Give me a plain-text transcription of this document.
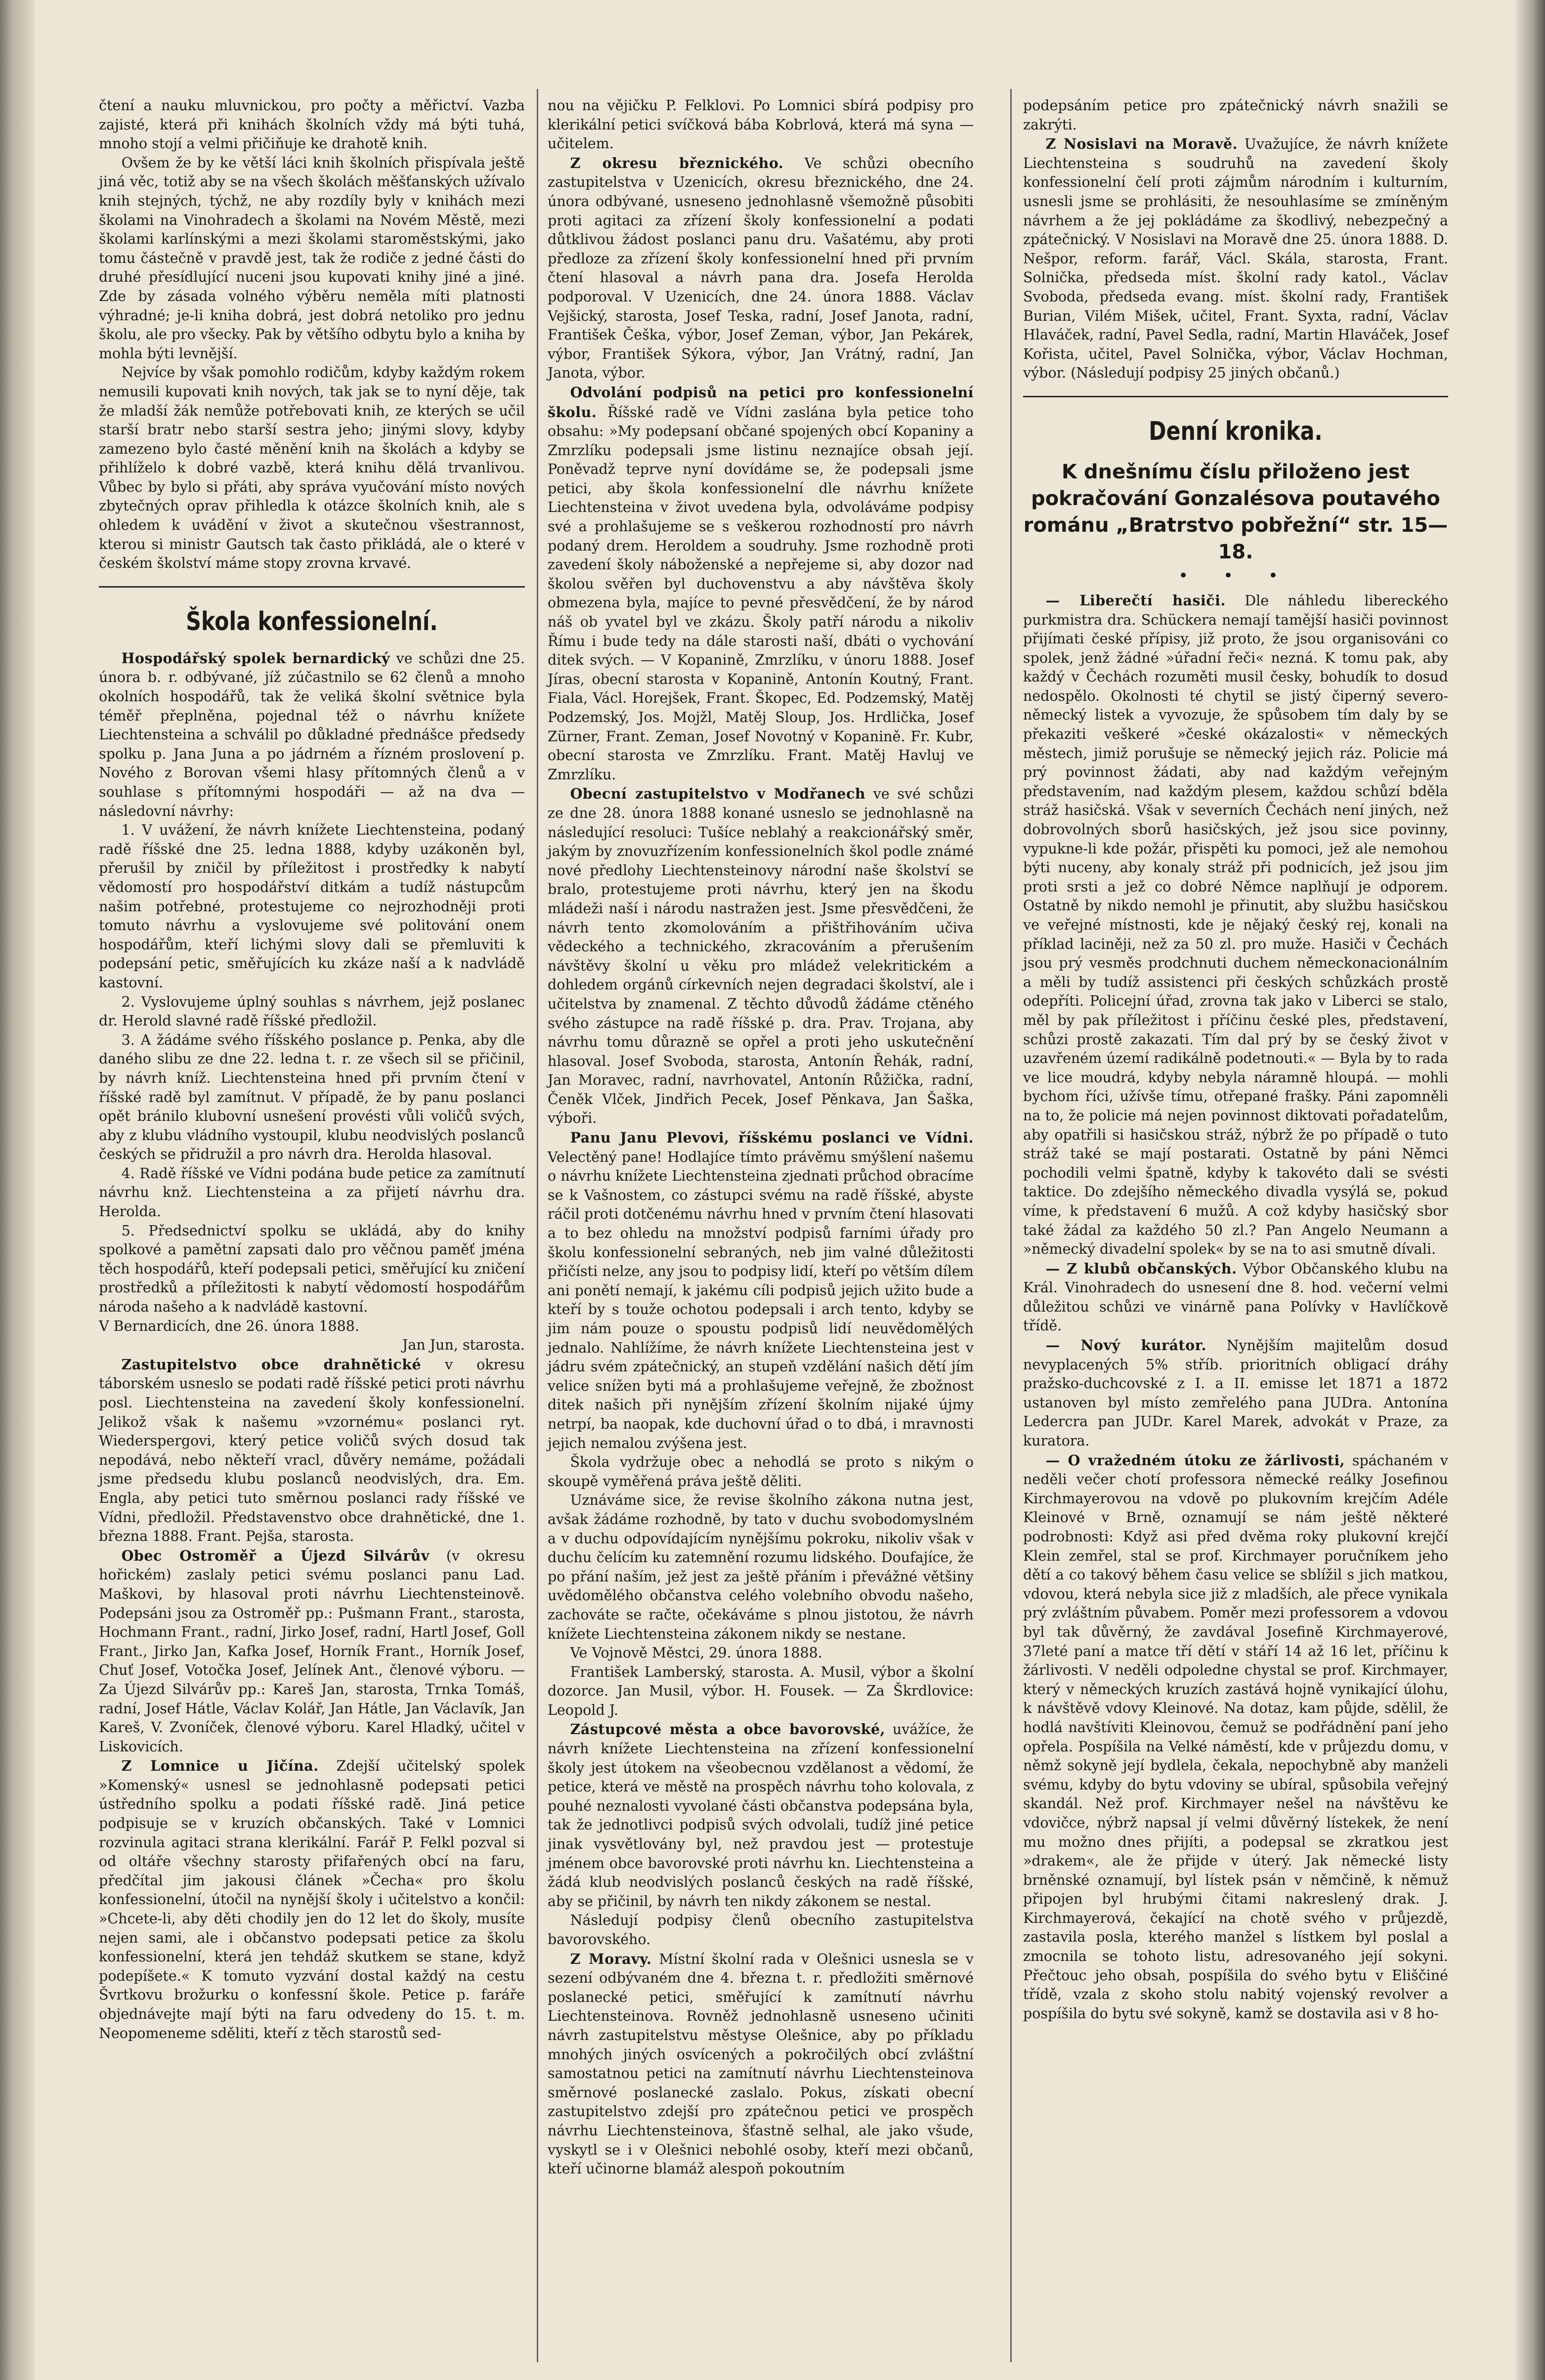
čtení a nauku mluvnickou, pro počty a měřictví. Vazba zajisté, která při knihách školních vždy má býti tuhá, mnoho stojí a velmi přičiňuje ke drahotě knih.

Ovšem že by ke větší láci knih školních přispívala ještě jiná věc, totiž aby se na všech školách měšťanských užívalo knih stejných, týchž, ne aby rozdíly byly v knihách mezi školami na Vinohradech a školami na Novém Městě, mezi školami karlínskými a mezi školami staroměstskými, jako tomu částečně v pravdě jest, tak že rodiče z jedné části do druhé přesídlující nuceni jsou kupovati knihy jiné a jiné. Zde by zásada volného výběru neměla míti platnosti výhradné; je-li kniha dobrá, jest dobrá netoliko pro jednu školu, ale pro všecky. Pak by většího odbytu bylo a kniha by mohla býti levnější.

Nejvíce by však pomohlo rodičům, kdyby každým rokem nemusili kupovati knih nových, tak jak se to nyní děje, tak že mladší žák nemůže potřebovati knih, ze kterých se učil starší bratr nebo starší sestra jeho; jinými slovy, kdyby zamezeno bylo časté měnění knih na školách a kdyby se přihlíželo k dobré vazbě, která knihu dělá trvanlivou. Vůbec by bylo si přáti, aby správa vyučování místo nových zbytečných oprav přihledla k otázce školních knih, ale s ohledem k uvádění v život a skutečnou všestrannost, kterou si ministr Gautsch tak často přikládá, ale o které v českém školství máme stopy zrovna krvavé.

Škola konfessionelní.

Hospodářský spolek bernardický ve schůzi dne 25. února b. r. odbývané, jíž zúčastnilo se 62 členů a mnoho okolních hospodářů, tak že veliká školní světnice byla téměř přeplněna, pojednal též o návrhu knížete Liechtensteina a schválil po důkladné přednášce předsedy spolku p. Jana Juna a po jádrném a řízném proslovení p. Nového z Borovan všemi hlasy přítomných členů a v souhlase s přítomnými hospodáři — až na dva — následovní návrhy:

1. V uvážení, že návrh knížete Liechtensteina, podaný radě říšské dne 25. ledna 1888, kdyby uzákoněn byl, přerušil by zničil by příležitost i prostředky k nabytí vědomostí pro hospodářství ditkám a tudíž nástupcům našim potřebné, protestujeme co nejrozhodněji proti tomuto návrhu a vyslovujeme své politování onem hospodářům, kteří lichými slovy dali se přemluviti k podepsání petic, směřujících ku zkáze naší a k nadvládě kastovní.

2. Vyslovujeme úplný souhlas s návrhem, jejž poslanec dr. Herold slavné radě říšské předložil.

3. A žádáme svého říšského poslance p. Penka, aby dle daného slibu ze dne 22. ledna t. r. ze všech sil se přičinil, by návrh kníž. Liechtensteina hned při prvním čtení v říšské radě byl zamítnut. V případě, že by panu poslanci opět bránilo klubovní usnešení provésti vůli voličů svých, aby z klubu vládního vystoupil, klubu neodvislých poslanců českých se přidružil a pro návrh dra. Herolda hlasoval.

4. Radě říšské ve Vídni podána bude petice za zamítnutí návrhu knž. Liechtensteina a za přijetí návrhu dra. Herolda.

5. Předsednictví spolku se ukládá, aby do knihy spolkové a pamětní zapsati dalo pro věčnou paměť jména těch hospodářů, kteří podepsali petici, směřující ku zničení prostředků a příležitosti k nabytí vědomostí hospodářům národa našeho a k nadvládě kastovní.

V Bernardicích, dne 26. února 1888.

Jan Jun, starosta.

Zastupitelstvo obce drahnětické v okresu táborském usneslo se podati radě říšské petici proti návrhu posl. Liechtensteina na zavedení školy konfessionelní. Jelikož však k našemu »vzornému« poslanci ryt. Wiederspergovi, který petice voličů svých dosud tak nepodává, nebo někteří vracl, důvěry nemáme, požádali jsme předsedu klubu poslanců neodvislých, dra. Em. Engla, aby petici tuto směrnou poslanci rady říšské ve Vídni, předložil. Představenstvo obce drahnětické, dne 1. března 1888. Frant. Pejša, starosta.

Obec Ostroměř a Újezd Silvárův (v okresu hořickém) zaslaly petici svému poslanci panu Lad. Maškovi, by hlasoval proti návrhu Liechtensteinově. Podepsáni jsou za Ostroměř pp.: Pušmann Frant., starosta, Hochmann Frant., radní, Jirko Josef, radní, Hartl Josef, Goll Frant., Jirko Jan, Kafka Josef, Horník Frant., Horník Josef, Chuť Josef, Votočka Josef, Jelínek Ant., členové výboru. — Za Újezd Silvárův pp.: Kareš Jan, starosta, Trnka Tomáš, radní, Josef Hátle, Václav Kolář, Jan Hátle, Jan Václavík, Jan Kareš, V. Zvoníček, členové výboru. Karel Hladký, učitel v Liskovicích.

Z Lomnice u Jičína. Zdejší učitelský spolek »Komenský« usnesl se jednohlasně podepsati petici ústředního spolku a podati říšské radě. Jiná petice podpisuje se v kruzích občanských. Také v Lomnici rozvinula agitaci strana klerikální. Farář P. Felkl pozval si od oltáře všechny starosty přifařených obcí na faru, předčítal jim jakousi článek »Čecha« pro školu konfessionelní, útočil na nynější školy i učitelstvo a končil: »Chcete-li, aby děti chodily jen do 12 let do školy, musíte nejen sami, ale i občanstvo podepsati petice za školu konfessionelní, která jen tehdáž skutkem se stane, když podepíšete.« K tomuto vyzvání dostal každý na cestu Švrtkovu brožurku o konfessní škole. Petice p. faráře objednávejte mají býti na faru odvedeny do 15. t. m. Neopomeneme sděliti, kteří z těch starostů sed-

nou na vějičku P. Felklovi. Po Lomnici sbírá podpisy pro klerikální petici svíčková bába Kobrlová, která má syna — učitelem.

Z okresu březnického. Ve schůzi obecního zastupitelstva v Uzenicích, okresu březnického, dne 24. února odbývané, usneseno jednohlasně všemožně působiti proti agitaci za zřízení školy konfessionelní a podati důtklivou žádost poslanci panu dru. Vašatému, aby proti předloze za zřízení školy konfessionelní hned při prvním čtení hlasoval a návrh pana dra. Josefa Herolda podporoval. V Uzenicích, dne 24. února 1888. Václav Vejšický, starosta, Josef Teska, radní, Josef Janota, radní, František Češka, výbor, Josef Zeman, výbor, Jan Pekárek, výbor, František Sýkora, výbor, Jan Vrátný, radní, Jan Janota, výbor.

Odvolání podpisů na petici pro konfessionelní školu. Říšské radě ve Vídni zaslána byla petice toho obsahu: »My podepsaní občané spojených obcí Kopaniny a Zmrzlíku podepsali jsme listinu neznajíce obsah její. Poněvadž teprve nyní dovídáme se, že podepsali jsme petici, aby škola konfessionelní dle návrhu knížete Liechtensteina v život uvedena byla, odvoláváme podpisy své a prohlašujeme se s veškerou rozhodností pro návrh podaný drem. Heroldem a soudruhy. Jsme rozhodně proti zavedení školy náboženské a nepřejeme si, aby dozor nad školou svěřen byl duchovenstvu a aby návštěva školy obmezena byla, majíce to pevné přesvědčení, že by národ náš ob yvatel byl ve zkázu. Školy patří národu a nikoliv Římu i bude tedy na dále starosti naší, dbáti o vychování ditek svých. — V Kopanině, Zmrzlíku, v únoru 1888. Josef Jíras, obecní starosta v Kopanině, Antonín Koutný, Frant. Fiala, Václ. Horejšek, Frant. Škopec, Ed. Podzemský, Matěj Podzemský, Jos. Mojžl, Matěj Sloup, Jos. Hrdlička, Josef Zürner, Frant. Zeman, Josef Novotný v Kopanině. Fr. Kubr, obecní starosta ve Zmrzlíku. Frant. Matěj Havluj ve Zmrzlíku.

Obecní zastupitelstvo v Modřanech ve své schůzi ze dne 28. února 1888 konané usneslo se jednohlasně na následující resoluci: Tušíce neblahý a reakcionářský směr, jakým by znovuzřízením konfessionelních škol podle známé nové předlohy Liechtensteinovy národní naše školství se bralo, protestujeme proti návrhu, který jen na škodu mládeži naší i národu nastražen jest. Jsme přesvědčeni, že návrh tento zkomolováním a přištřihováním učiva vědeckého a technického, zkracováním a přerušením návštěvy školní u věku pro mládež velekritickém a dohledem orgánů církevních nejen degradaci školství, ale i učitelstva by znamenal. Z těchto důvodů žádáme ctěného svého zástupce na radě říšské p. dra. Prav. Trojana, aby návrhu tomu důrazně se opřel a proti jeho uskutečnění hlasoval. Josef Svoboda, starosta, Antonín Řehák, radní, Jan Moravec, radní, navrhovatel, Antonín Růžička, radní, Čeněk Vlček, Jindřich Pecek, Josef Pěnkava, Jan Šaška, výboři.

Panu Janu Plevovi, říšskému poslanci ve Vídni. Velectěný pane! Hodlajíce tímto právěmu smýšlení našemu o návrhu knížete Liechtensteina zjednati průchod obracíme se k Vašnostem, co zástupci svému na radě říšské, abyste ráčil proti dotčenému návrhu hned v prvním čtení hlasovati a to bez ohledu na množství podpisů farními úřady pro školu konfessionelní sebraných, neb jim valné důležitosti přičísti nelze, any jsou to podpisy lidí, kteří po větším dílem ani ponětí nemají, k jakému cíli podpisů jejich užito bude a kteří by s touže ochotou podepsali i arch tento, kdyby se jim nám pouze o spoustu podpisů lidí neuvědomělých jednalo. Nahlížíme, že návrh knížete Liechtensteina jest v jádru svém zpátečnický, an stupeň vzdělání našich dětí jím velice snížen byti má a prohlašujeme veřejně, že zbožnost ditek našich při nynějším zřízení školním nijaké újmy netrpí, ba naopak, kde duchovní úřad o to dbá, i mravnosti jejich nemalou zvýšena jest.

Škola vydržuje obec a nehodlá se proto s nikým o skoupě vyměřená práva ještě děliti.

Uznáváme sice, že revise školního zákona nutna jest, avšak žádáme rozhodně, by tato v duchu svobodomyslném a v duchu odpovídajícím nynějšímu pokroku, nikoliv však v duchu čelícím ku zatemnění rozumu lidského. Doufajíce, že po přání naším, jež jest za ještě přáním i převážné většiny uvědomělého občanstva celého volebního obvodu našeho, zachováte se račte, očekáváme s plnou jistotou, že návrh knížete Liechtensteina zákonem nikdy se nestane.

Ve Vojnově Městci, 29. února 1888.

František Lamberský, starosta. A. Musil, výbor a školní dozorce. Jan Musil, výbor. H. Fousek. — Za Škrdlovice: Leopold J.

Zástupcové města a obce bavorovské, uvážíce, že návrh knížete Liechtensteina na zřízení konfessionelní školy jest útokem na všeobecnou vzdělanost a vědomí, že petice, která ve městě na prospěch návrhu toho kolovala, z pouhé neznalosti vyvolané části občanstva podepsána byla, tak že jednotlivci podpisů svých odvolali, tudíž jiné petice jinak vysvětlovány byl, než pravdou jest — protestuje jménem obce bavorovské proti návrhu kn. Liechtensteina a žádá klub neodvislých poslanců českých na radě říšské, aby se přičinil, by návrh ten nikdy zákonem se nestal.

Následují podpisy členů obecního zastupitelstva bavorovského.

Z Moravy. Místní školní rada v Olešnici usnesla se v sezení odbývaném dne 4. března t. r. předložiti směrnové poslanecké petici, směřující k zamítnutí návrhu Liechtensteinova. Rovněž jednohlasně usneseno učiniti návrh zastupitelstvu městyse Olešnice, aby po příkladu mnohých jiných osvícených a pokročilých obcí zvláštní samostatnou petici na zamítnutí návrhu Liechtensteinova směrnové poslanecké zaslalo. Pokus, získati obecní zastupitelstvo zdejší pro zpátečnou petici ve prospěch návrhu Liechtensteinova, šťastně selhal, ale jako všude, vyskytl se i v Olešnici nebohlé osoby, kteří mezi občanů, kteří učinorne blamáž alespoň pokoutním

podepsáním petice pro zpátečnický návrh snažili se zakrýti.

Z Nosislavi na Moravě. Uvažujíce, že návrh knížete Liechtensteina s soudruhů na zavedení školy konfessionelní čelí proti zájmům národním i kulturním, usnesli jsme se prohlásiti, že nesouhlasíme se zmíněným návrhem a že jej pokládáme za škodlivý, nebezpečný a zpátečnický. V Nosislavi na Moravě dne 25. února 1888. D. Nešpor, reform. farář, Václ. Skála, starosta, Frant. Solnička, předseda míst. školní rady katol., Václav Svoboda, předseda evang. míst. školní rady, František Burian, Vilém Mišek, učitel, Frant. Syxta, radní, Václav Hlaváček, radní, Pavel Sedla, radní, Martin Hlaváček, Josef Kořista, učitel, Pavel Solnička, výbor, Václav Hochman, výbor. (Následují podpisy 25 jiných občanů.)

Denní kronika.
K dnešnímu číslu přiloženo jest pokračování Gonzalésova poutavého románu „Bratrstvo pobřežní“ str. 15—18.
• • •

— Liberečtí hasiči. Dle náhledu libereckého purkmistra dra. Schückera nemají tamější hasiči povinnost přijímati české přípisy, již proto, že jsou organisováni co spolek, jenž žádné »úřadní řeči« nezná. K tomu pak, aby každý v Čechách rozuměti musil česky, bohudík to dosud nedospělo. Okolnosti té chytil se jistý čiperný severo-německý listek a vyvozuje, že spůsobem tím daly by se překaziti veškeré »české okázalosti« v německých městech, jimiž porušuje se německý jejich ráz. Policie má prý povinnost žádati, aby nad každým veřejným představením, nad každým plesem, každou schůzí bděla stráž hasičská. Však v severních Čechách není jiných, než dobrovolných sborů hasičských, jež jsou sice povinny, vypukne-li kde požár, přispěti ku pomoci, jež ale nemohou býti nuceny, aby konaly stráž při podnicích, jež jsou jim proti srsti a jež co dobré Němce naplňují je odporem. Ostatně by nikdo nemohl je přinutit, aby službu hasičskou ve veřejné místnosti, kde je nějaký český rej, konali na příklad laciněji, než za 50 zl. pro muže. Hasiči v Čechách jsou prý vesměs prodchnuti duchem německonacionálním a měli by tudíž assistenci při českých schůzkách prostě odepříti. Policejní úřad, zrovna tak jako v Liberci se stalo, měl by pak příležitost i příčinu české ples, představení, schůzi prostě zakazati. Tím dal prý by se český život v uzavřeném území radikálně podetnouti.« — Byla by to rada ve lice moudrá, kdyby nebyla náramně hloupá. — mohli bychom říci, užívše tímu, otřepané frašky. Páni zapomněli na to, že policie má nejen povinnost diktovati pořadatelům, aby opatřili si hasičskou stráž, nýbrž že po případě o tuto stráž také se mají postarati. Ostatně by páni Němci pochodili velmi špatně, kdyby k takovéto dali se svésti taktice. Do zdejšího německého divadla vysýlá se, pokud víme, k představení 6 mužů. A což kdyby hasičský sbor také žádal za každého 50 zl.? Pan Angelo Neumann a »německý divadelní spolek« by se na to asi smutně dívali.

— Z klubů občanských. Výbor Občanského klubu na Král. Vinohradech do usnesení dne 8. hod. večerní velmi důležitou schůzi ve vinárně pana Polívky v Havlíčkově třídě.

— Nový kurátor. Nynějším majitelům dosud nevyplacených 5% stříb. prioritních obligací dráhy pražsko-duchcovské z I. a II. emisse let 1871 a 1872 ustanoven byl místo zemřelého pana JUDra. Antonína Ledercra pan JUDr. Karel Marek, advokát v Praze, za kuratora.

— O vražedném útoku ze žárlivosti, spáchaném v neděli večer chotí professora německé reálky Josefinou Kirchmayerovou na vdově po plukovním krejčím Adéle Kleinové v Brně, oznamují se nám ještě některé podrobnosti: Když asi před dvěma roky plukovní krejčí Klein zemřel, stal se prof. Kirchmayer poručníkem jeho dětí a co takový během času velice se sblížil s jich matkou, vdovou, která nebyla sice již z mladších, ale přece vynikala prý zvláštním půvabem. Poměr mezi professorem a vdovou byl tak důvěrný, že zavdával Josefině Kirchmayerové, 37leté paní a matce tří dětí v stáří 14 až 16 let, příčinu k žárlivosti. V neděli odpoledne chystal se prof. Kirchmayer, který v německých kruzích zastává hojně vynikající úlohu, k návštěvě vdovy Kleinové. Na dotaz, kam půjde, sdělil, že hodlá navštíviti Kleinovou, čemuž se podřádnění paní jeho opřela. Pospíšila na Velké náměstí, kde v průjezdu domu, v němž sokyně její bydlela, čekala, nepochybně aby manželi svému, kdyby do bytu vdoviny se ubíral, spůsobila veřejný skandál. Než prof. Kirchmayer nešel na návštěvu ke vdovičce, nýbrž napsal jí velmi důvěrný lístekek, že není mu možno dnes přijíti, a podepsal se zkratkou jest »drakem«, ale že přijde v úterý. Jak německé listy brněnské oznamují, byl lístek psán v němčině, k němuž připojen byl hrubými čitami nakreslený drak. J. Kirchmayerová, čekající na chotě svého v průjezdě, zastavila posla, kterého manžel s lístkem byl poslal a zmocnila se tohoto listu, adresovaného její sokyni. Přečtouc jeho obsah, pospíšila do svého bytu v Eliščiné třídě, vzala z skoho stolu nabitý vojenský revolver a pospíšila do bytu své sokyně, kamž se dostavila asi v 8 ho-
